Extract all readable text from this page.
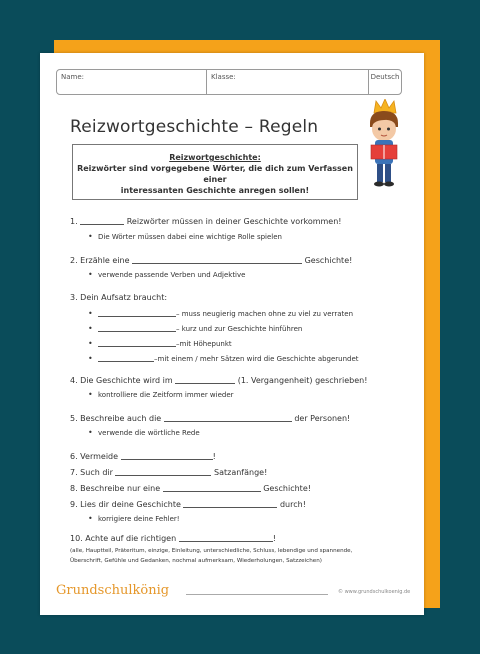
Name:	Klasse:	Deutsch
Reizwortgeschichte – Regeln
Reizwortgeschichte:
Reizwörter sind vorgegebene Wörter, die dich zum Verfassen einer
interessanten Geschichte anregen sollen!
1.	Reizwörter müssen in deiner Geschichte vorkommen!
• Die Wörter müssen dabei eine wichtige Rolle spielen
2. Erzähle eine	Geschichte!
• verwende passende Verben und Adjektive
3. Dein Aufsatz braucht:
• – muss neugierig machen ohne zu viel zu verraten
• – kurz und zur Geschichte hinführen
• –mit Höhepunkt
• –mit einem / mehr Sätzen wird die Geschichte abgerundet
4. Die Geschichte wird im	(1. Vergangenheit) geschrieben!
• kontrolliere die Zeitform immer wieder
5. Beschreibe auch die	der Personen!
• verwende die wörtliche Rede
6. Vermeide	!
7. Such dir	Satzanfänge!
8. Beschreibe nur eine	Geschichte!
9. Lies dir deine Geschichte	durch!
• korrigiere deine Fehler!
10. Achte auf die richtigen	!
(alle, Hauptteil, Präteritum, einzige, Einleitung, unterschiedliche, Schluss, lebendige und spannende,
Überschrift, Gefühle und Gedanken, nochmal aufmerksam, Wiederholungen, Satzzeichen)
Grundschulkönig	© www.grundschulkoenig.de
